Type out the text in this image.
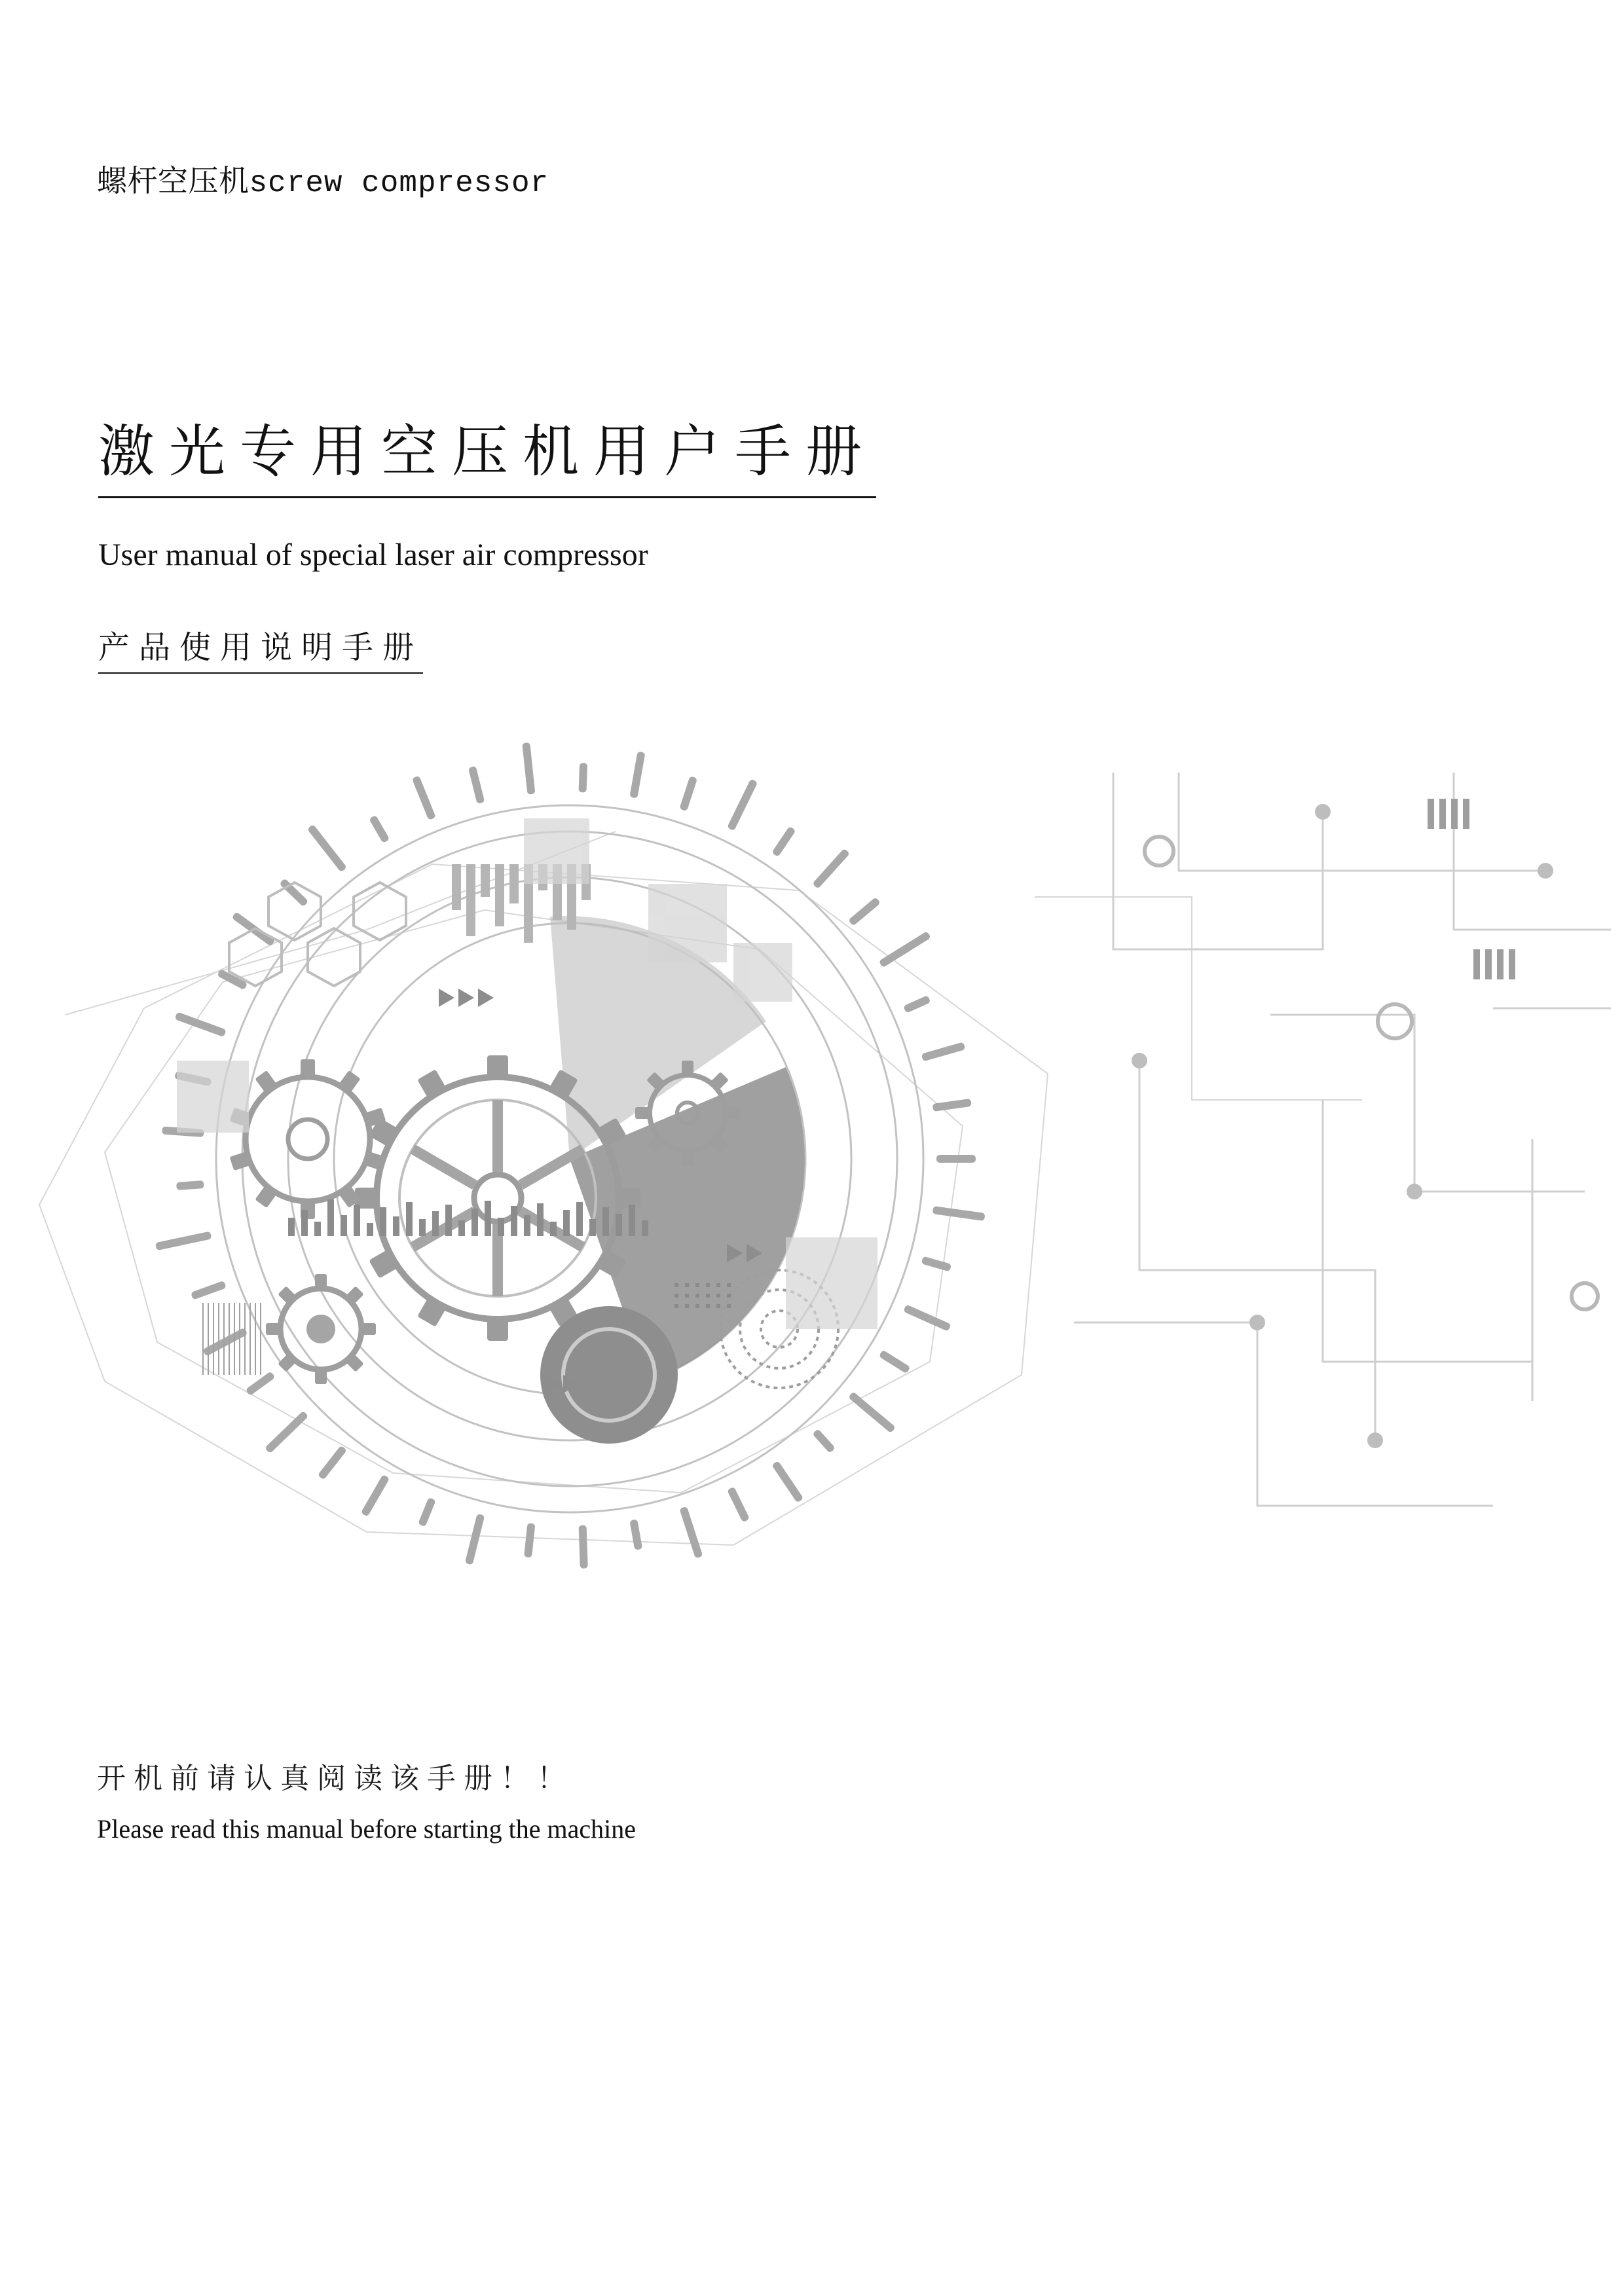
螺杆空压机screw compressor
激光专用空压机用户手册
User manual of special laser air compressor
产品使用说明手册
开机前请认真阅读该手册！！
Please read this manual before starting the machine
